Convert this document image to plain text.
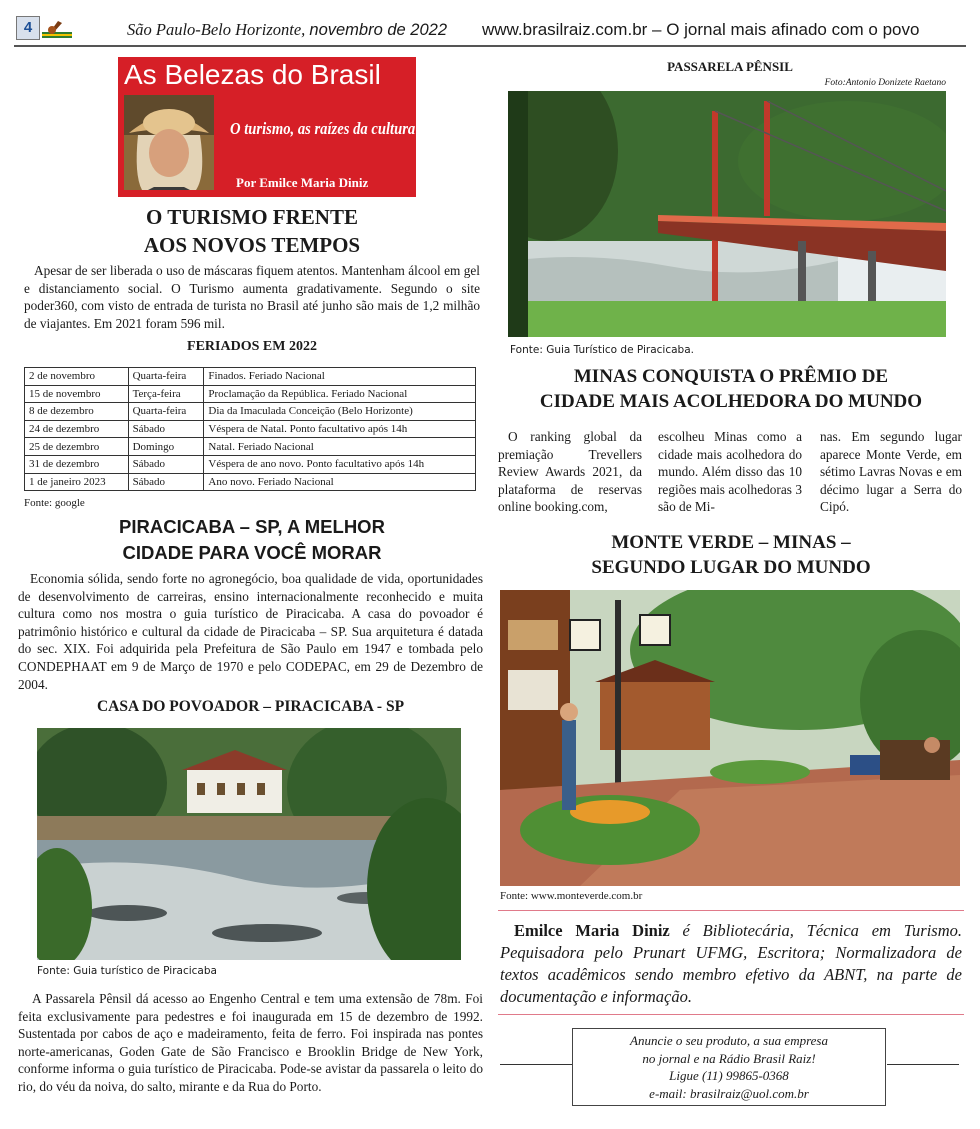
4	São Paulo-Belo Horizonte, novembro de 2022 www.brasilraiz.com.br – O jornal mais afinado com o povo
As Belezas do Brasil
O turismo, as raízes da cultura
Por Emilce Maria Diniz
O TURISMO FRENTE
AOS NOVOS TEMPOS
Apesar de ser liberada o uso de máscaras fiquem atentos. Mantenham álcool em gel e distanciamento social. O Turismo aumenta gradativamente. Segundo o site poder360, com visto de entrada de turista no Brasil até junho são mais de 1,2 milhão de viajantes. Em 2021 foram 596 mil.
FERIADOS EM 2022
2 de novembro	Quarta-feira	Finados. Feriado Nacional
15 de novembro	Terça-feira	Proclamação da República. Feriado Nacional
8 de dezembro	Quarta-feira	Dia da Imaculada Conceição (Belo Horizonte)
24 de dezembro	Sábado	Véspera de Natal. Ponto facultativo após 14h
25 de dezembro	Domingo	Natal. Feriado Nacional
31 de dezembro	Sábado	Véspera de ano novo. Ponto facultativo após 14h
1 de janeiro 2023	Sábado	Ano novo. Feriado Nacional
Fonte: google
PIRACICABA – SP, A MELHOR
CIDADE PARA VOCÊ MORAR
Economia sólida, sendo forte no agronegócio, boa qualidade de vida, oportunidades de desenvolvimento de carreiras, ensino internacionalmente reconhecido e muita cultura como nos mostra o guia turístico de Piracicaba. A casa do povoador é patrimônio histórico e cultural da cidade de Piracicaba – SP. Sua arquitetura é datada do sec. XIX. Foi adquirida pela Prefeitura de São Paulo em 1947 e tombada pelo CONDEPHAAT em 9 de Março de 1970 e pelo CODEPAC, em 29 de Dezembro de 2004.
CASA DO POVOADOR – PIRACICABA - SP
Fonte: Guia turístico de Piracicaba
A Passarela Pênsil dá acesso ao Engenho Central e tem uma extensão de 78m. Foi feita exclusivamente para pedestres e foi inaugurada em 15 de dezembro de 1992. Sustentada por cabos de aço e madeiramento, feita de ferro. Foi inspirada nas pontes norte-americanas, Goden Gate de São Francisco e Brooklin Bridge de New York, conforme informa o guia turístico de Piracicaba. Pode-se avistar da passarela o leito do rio, do véu da noiva, do salto, mirante e da Rua do Porto.
PASSARELA PÊNSIL
Foto:Antonio Donizete Raetano
Fonte: Guia Turístico de Piracicaba.
MINAS CONQUISTA O PRÊMIO DE
CIDADE MAIS ACOLHEDORA DO MUNDO
O ranking global da premiação Trevellers Review Awards 2021, da plataforma de reservas online booking.com,
escolheu Minas como a cidade mais acolhedora do mundo. Além disso das 10 regiões mais acolhedoras 3 são de Mi-
nas. Em segundo lugar aparece Monte Verde, em sétimo Lavras Novas e em décimo lugar a Serra do Cipó.
MONTE VERDE – MINAS –
SEGUNDO LUGAR DO MUNDO
Fonte: www.monteverde.com.br
Emilce Maria Diniz é Bibliotecária, Técnica em Turismo. Pequisadora pelo Prunart UFMG, Escritora; Normalizadora de textos acadêmicos sendo membro efetivo da ABNT, na parte de documentação e informação.
Anuncie o seu produto, a sua empresa
no jornal e na Rádio Brasil Raiz!
Ligue (11) 99865-0368
e-mail: brasilraiz@uol.com.br
